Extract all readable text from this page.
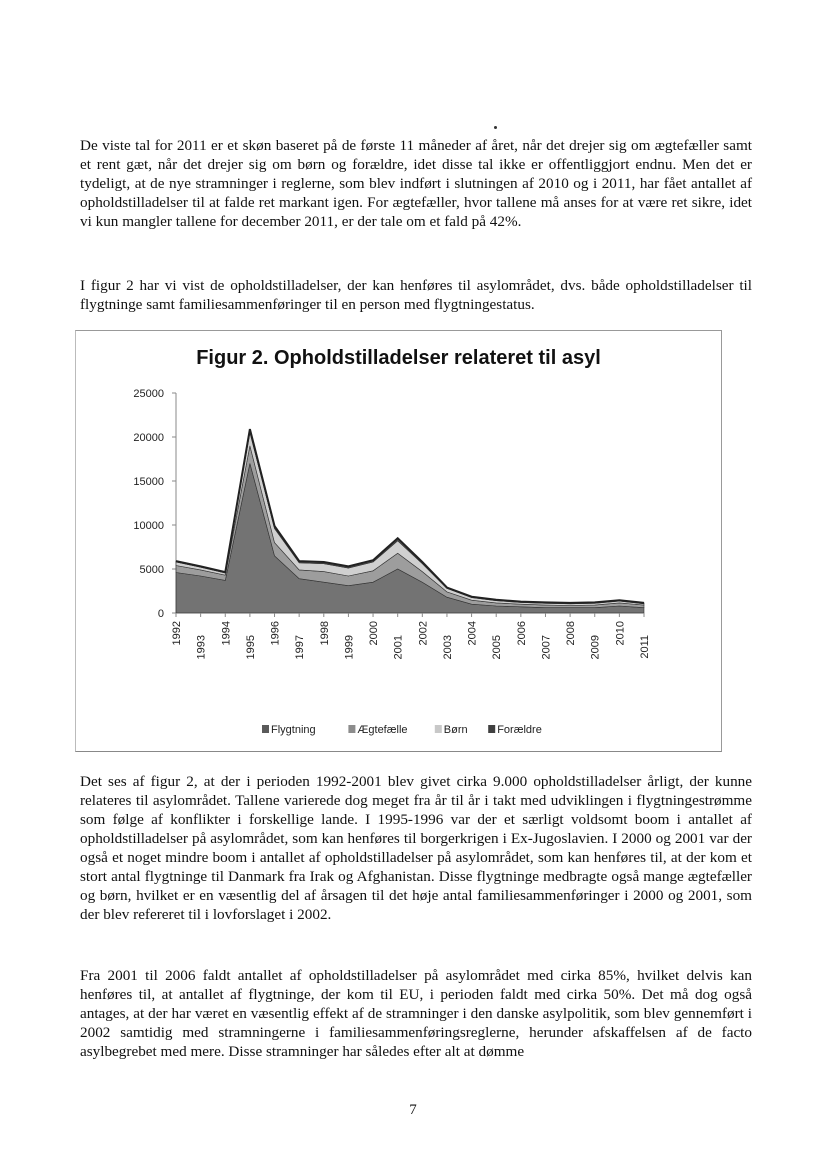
De viste tal for 2011 er et skøn baseret på de første 11 måneder af året, når det drejer sig om ægtefæller samt et rent gæt, når det drejer sig om børn og forældre, idet disse tal ikke er offentliggjort endnu. Men det er tydeligt, at de nye stramninger i reglerne, som blev indført i slutningen af 2010 og i 2011, har fået antallet af opholdstilladelser til at falde ret markant igen. For ægtefæller, hvor tallene må anses for at være ret sikre, idet vi kun mangler tallene for december 2011, er der tale om et fald på 42%.

I figur 2 har vi vist de opholdstilladelser, der kan henføres til asylområdet, dvs. både opholdstilladelser til flygtninge samt familiesammenføringer til en person med flygtningestatus.

Figur 2. Opholdstilladelser relateret til asyl
0
5000
10000
15000
20000
25000
1992
1993
1994
1995
1996
1997
1998
1999
2000
2001
2002
2003
2004
2005
2006
2007
2008
2009
2010
2011
Flygtning	Ægtefælle	Børn	Forældre

Det ses af figur 2, at der i perioden 1992-2001 blev givet cirka 9.000 opholdstilladelser årligt, der kunne relateres til asylområdet. Tallene varierede dog meget fra år til år i takt med udviklingen i flygtningestrømme som følge af konflikter i forskellige lande. I 1995-1996 var der et særligt voldsomt boom i antallet af opholdstilladelser på asylområdet, som kan henføres til borgerkrigen i Ex-Jugoslavien. I 2000 og 2001 var der også et noget mindre boom i antallet af opholdstilladelser på asylområdet, som kan henføres til, at der kom et stort antal flygtninge til Danmark fra Irak og Afghanistan. Disse flygtninge medbragte også mange ægtefæller og børn, hvilket er en væsentlig del af årsagen til det høje antal familiesammenføringer i 2000 og 2001, som der blev refereret til i lovforslaget i 2002.

Fra 2001 til 2006 faldt antallet af opholdstilladelser på asylområdet med cirka 85%, hvilket delvis kan henføres til, at antallet af flygtninge, der kom til EU, i perioden faldt med cirka 50%. Det må dog også antages, at der har været en væsentlig effekt af de stramninger i den danske asylpolitik, som blev gennemført i 2002 samtidig med stramningerne i familiesammenføringsreglerne, herunder afskaffelsen af de facto asylbegrebet med mere. Disse stramninger har således efter alt at dømme

7
